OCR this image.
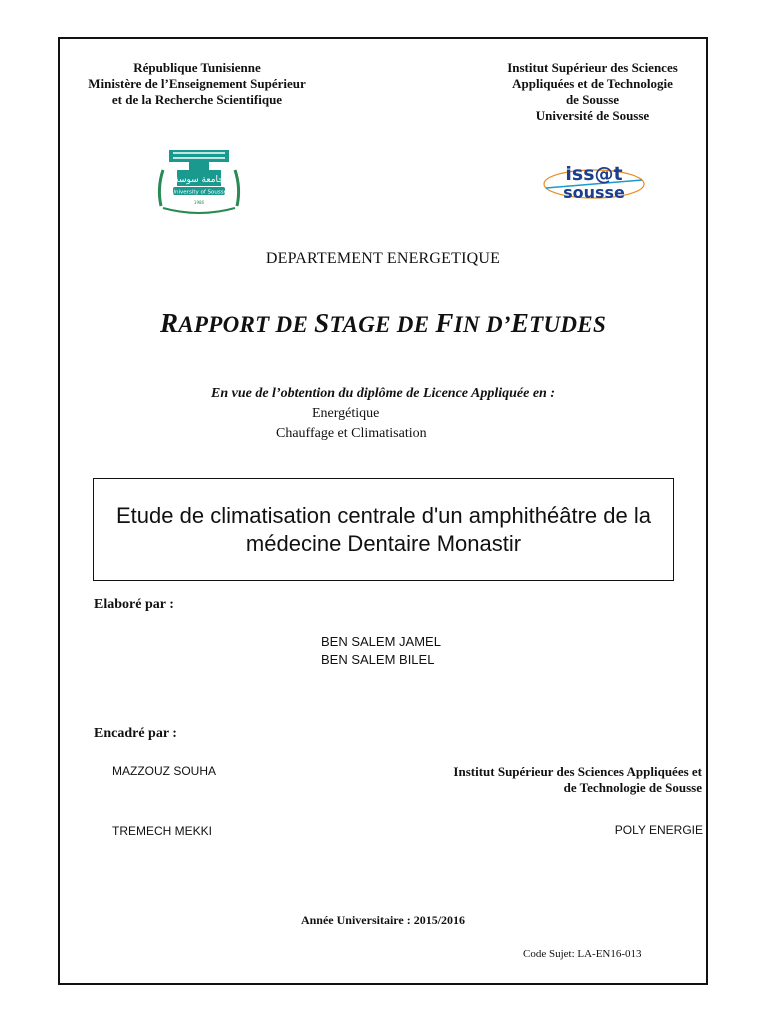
République Tunisienne
Ministère de l’Enseignement Supérieur
et de la Recherche Scientifique
Institut Supérieur des Sciences
Appliquées et de Technologie
de Sousse
Université de Sousse
جامعة سوسة
University of Sousse
1986
iss@t
sousse
DEPARTEMENT ENERGETIQUE
RAPPORT DE STAGE DE FIN D’ETUDES
En vue de l’obtention du diplôme de Licence Appliquée en :
Energétique
Chauffage et Climatisation
Etude de climatisation centrale d'un amphithéâtre de la médecine Dentaire Monastir
Elaboré par :
BEN SALEM JAMEL
BEN SALEM BILEL
Encadré par :
MAZZOUZ SOUHA	Institut Supérieur des Sciences Appliquées et
de Technologie de Sousse
TREMECH MEKKI	POLY ENERGIE
Année Universitaire : 2015/2016
Code Sujet: LA-EN16-013
